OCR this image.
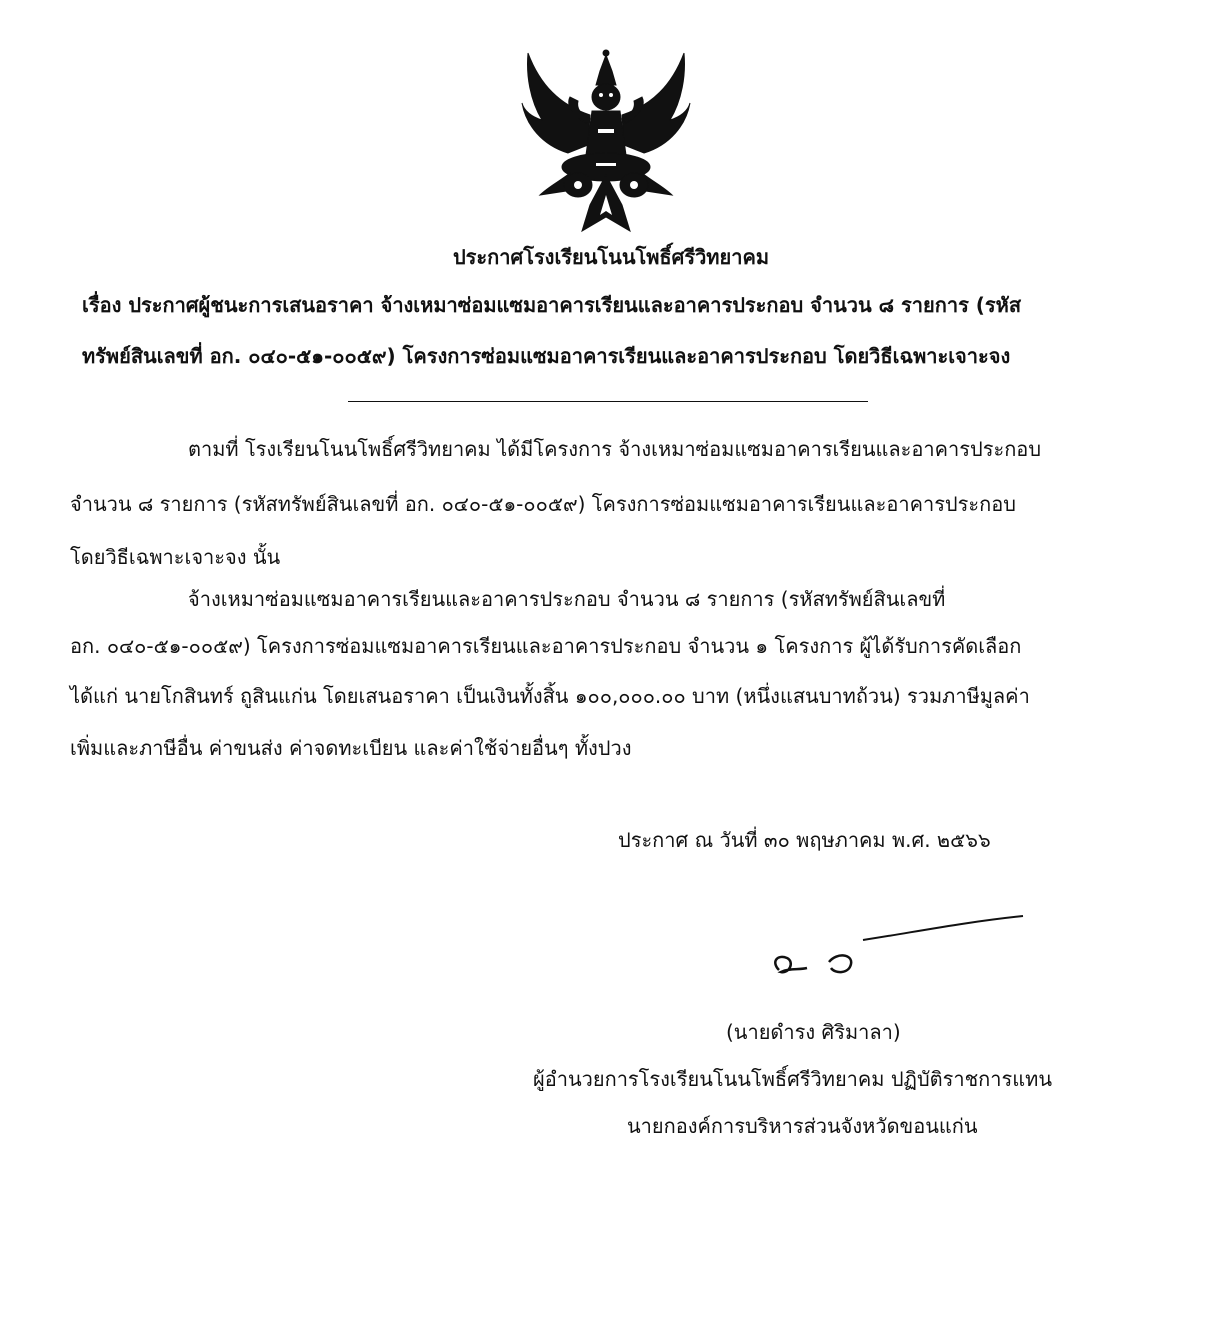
ประกาศโรงเรียนโนนโพธิ์ศรีวิทยาคม
เรื่อง ประกาศผู้ชนะการเสนอราคา จ้างเหมาซ่อมแซมอาคารเรียนและอาคารประกอบ จำนวน ๘ รายการ (รหัส
ทรัพย์สินเลขที่ อก. ๐๔๐-๕๑-๐๐๕๙) โครงการซ่อมแซมอาคารเรียนและอาคารประกอบ โดยวิธีเฉพาะเจาะจง
ตามที่ โรงเรียนโนนโพธิ์ศรีวิทยาคม ได้มีโครงการ จ้างเหมาซ่อมแซมอาคารเรียนและอาคารประกอบ
จำนวน ๘ รายการ (รหัสทรัพย์สินเลขที่ อก. ๐๔๐-๕๑-๐๐๕๙) โครงการซ่อมแซมอาคารเรียนและอาคารประกอบ
โดยวิธีเฉพาะเจาะจง นั้น
จ้างเหมาซ่อมแซมอาคารเรียนและอาคารประกอบ จำนวน ๘ รายการ (รหัสทรัพย์สินเลขที่
อก. ๐๔๐-๕๑-๐๐๕๙) โครงการซ่อมแซมอาคารเรียนและอาคารประกอบ จำนวน ๑ โครงการ ผู้ได้รับการคัดเลือก
ได้แก่ นายโกสินทร์ ถูสินแก่น โดยเสนอราคา เป็นเงินทั้งสิ้น ๑๐๐,๐๐๐.๐๐ บาท (หนึ่งแสนบาทถ้วน) รวมภาษีมูลค่า
เพิ่มและภาษีอื่น ค่าขนส่ง ค่าจดทะเบียน และค่าใช้จ่ายอื่นๆ ทั้งปวง
ประกาศ ณ วันที่ ๓๐ พฤษภาคม พ.ศ. ๒๕๖๖
(นายดำรง ศิริมาลา)
ผู้อำนวยการโรงเรียนโนนโพธิ์ศรีวิทยาคม ปฏิบัติราชการแทน
นายกองค์การบริหารส่วนจังหวัดขอนแก่น
